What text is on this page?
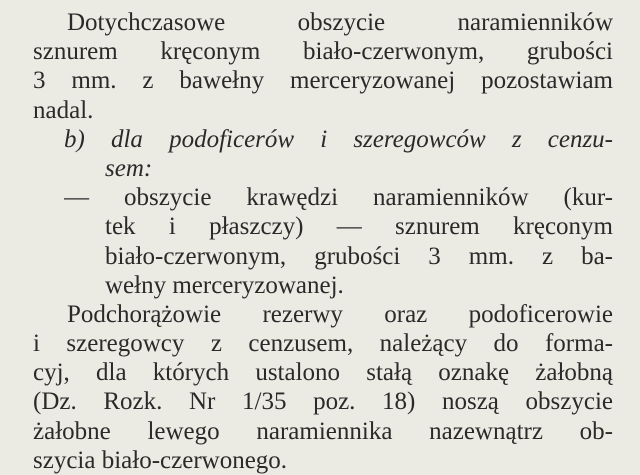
Dotychczasowe obszycie naramienników
sznurem kręconym biało-czerwonym, grubości
3 mm. z bawełny merceryzowanej pozostawiam
nadal.
b) dla podoficerów i szeregowców z cenzu-
sem:
— obszycie krawędzi naramienników (kur-
tek i płaszczy) — sznurem kręconym
biało-czerwonym, grubości 3 mm. z ba-
wełny merceryzowanej.
Podchorążowie rezerwy oraz podoficerowie
i szeregowcy z cenzusem, należący do forma-
cyj, dla których ustalono stałą oznakę żałobną
(Dz. Rozk. Nr 1/35 poz. 18) noszą obszycie
żałobne lewego naramiennika nazewnątrz ob-
szycia biało-czerwonego.
